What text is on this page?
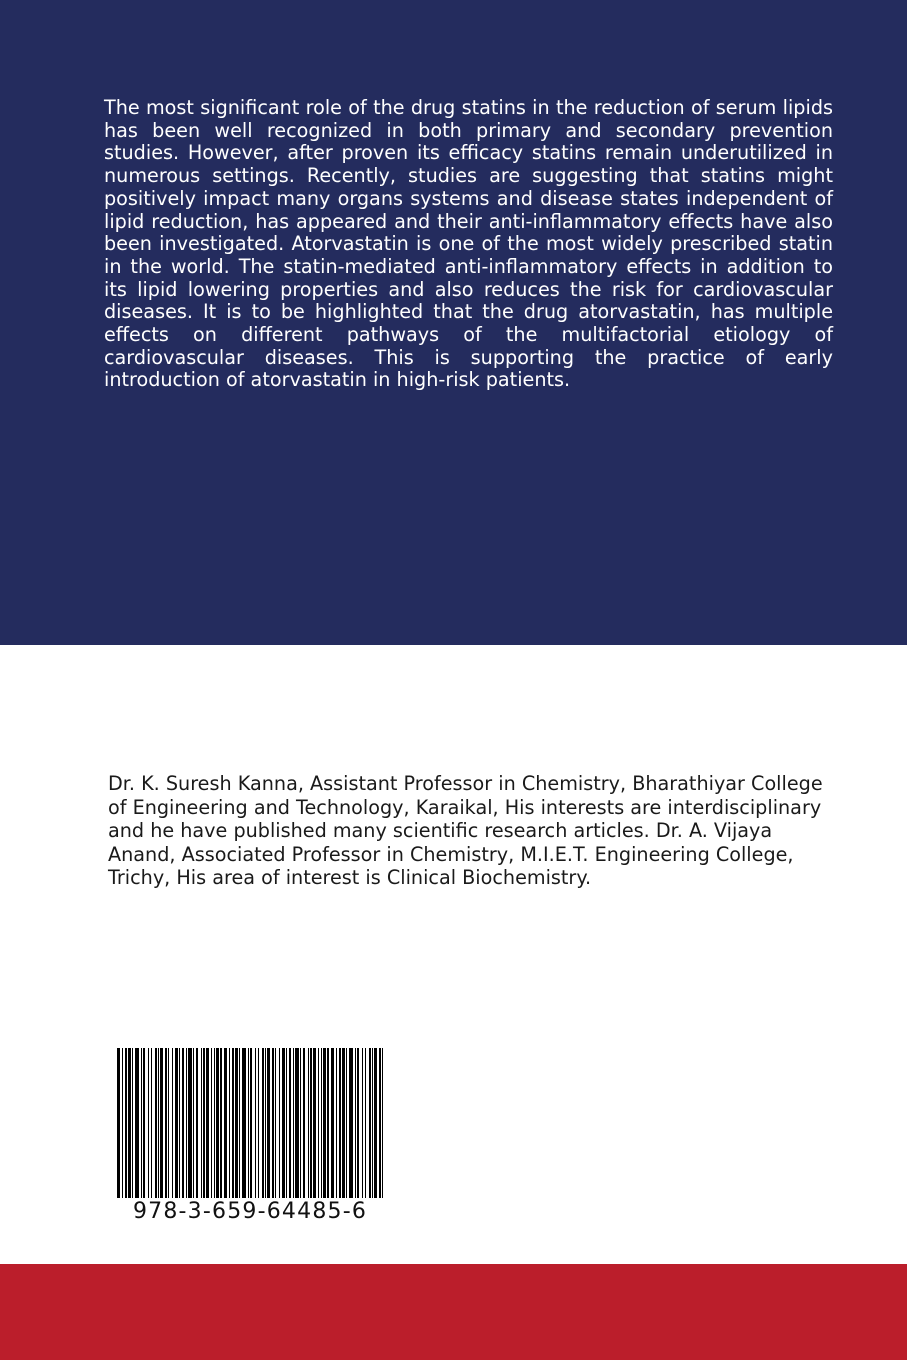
The most significant role of the drug statins in the reduction of serum lipids has been well recognized in both primary and secondary prevention studies. However, after proven its efficacy statins remain underutilized in numerous settings. Recently, studies are suggesting that statins might positively impact many organs systems and disease states independent of lipid reduction, has appeared and their anti-inflammatory effects have also been investigated. Atorvastatin is one of the most widely prescribed statin in the world. The statin-mediated anti-inflammatory effects in addition to its lipid lowering properties and also reduces the risk for cardiovascular diseases. It is to be highlighted that the drug atorvastatin, has multiple effects on different pathways of the multifactorial etiology of cardiovascular diseases. This is supporting the practice of early introduction of atorvastatin in high-risk patients.

Dr. K. Suresh Kanna, Assistant Professor in Chemistry, Bharathiyar College of Engineering and Technology, Karaikal, His interests are interdisciplinary and he have published many scientific research articles. Dr. A. Vijaya Anand, Associated Professor in Chemistry, M.I.E.T. Engineering College, Trichy, His area of interest is Clinical Biochemistry.

978-3-659-64485-6
